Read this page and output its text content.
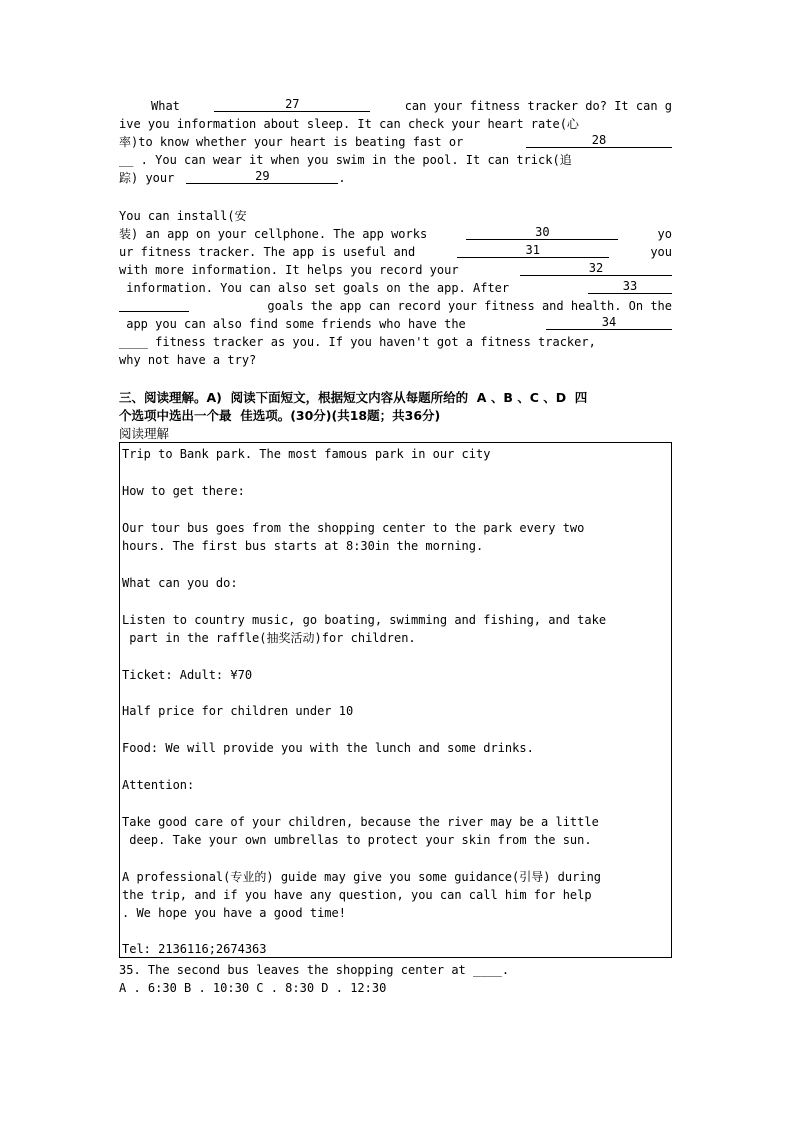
What	27	can your fitness tracker do? It can g
ive you information about sleep. It can check your heart rate(心
率)to know whether your heart is beating fast or	28
__ . You can wear it when you swim in the pool. It can trick(追
踪) your	29	.
You can install(安
装) an app on your cellphone. The app works	30	yo
ur fitness tracker. The app is useful and	31	you
with more information. It helps you record your	32
information. You can also set goals on the app. After	33
goals the app can record your fitness and health. On the
app you can also find some friends who have the	34
____ fitness tracker as you. If you haven't got a fitness tracker,
why not have a try?
三、阅读理解。A)  阅读下面短文，根据短文内容从每题所给的  A 、B 、C 、D  四
个选项中选出一个最  佳选项。(30分)(共18题；共36分)
阅读理解
Trip to Bank park. The most famous park in our city
How to get there:
Our tour bus goes from the shopping center to the park every two
hours. The first bus starts at 8:30in the morning.
What can you do:
Listen to country music, go boating, swimming and fishing, and take
part in the raffle(抽奖活动)for children.
Ticket: Adult: ¥70
Half price for children under 10
Food: We will provide you with the lunch and some drinks.
Attention:
Take good care of your children, because the river may be a little
deep. Take your own umbrellas to protect your skin from the sun.
A professional(专业的) guide may give you some guidance(引导) during
the trip, and if you have any question, you can call him for help
. We hope you have a good time!
Tel: 2136116;2674363
35. The second bus leaves the shopping center at ____.
A . 6:30 B . 10:30 C . 8:30 D . 12:30
